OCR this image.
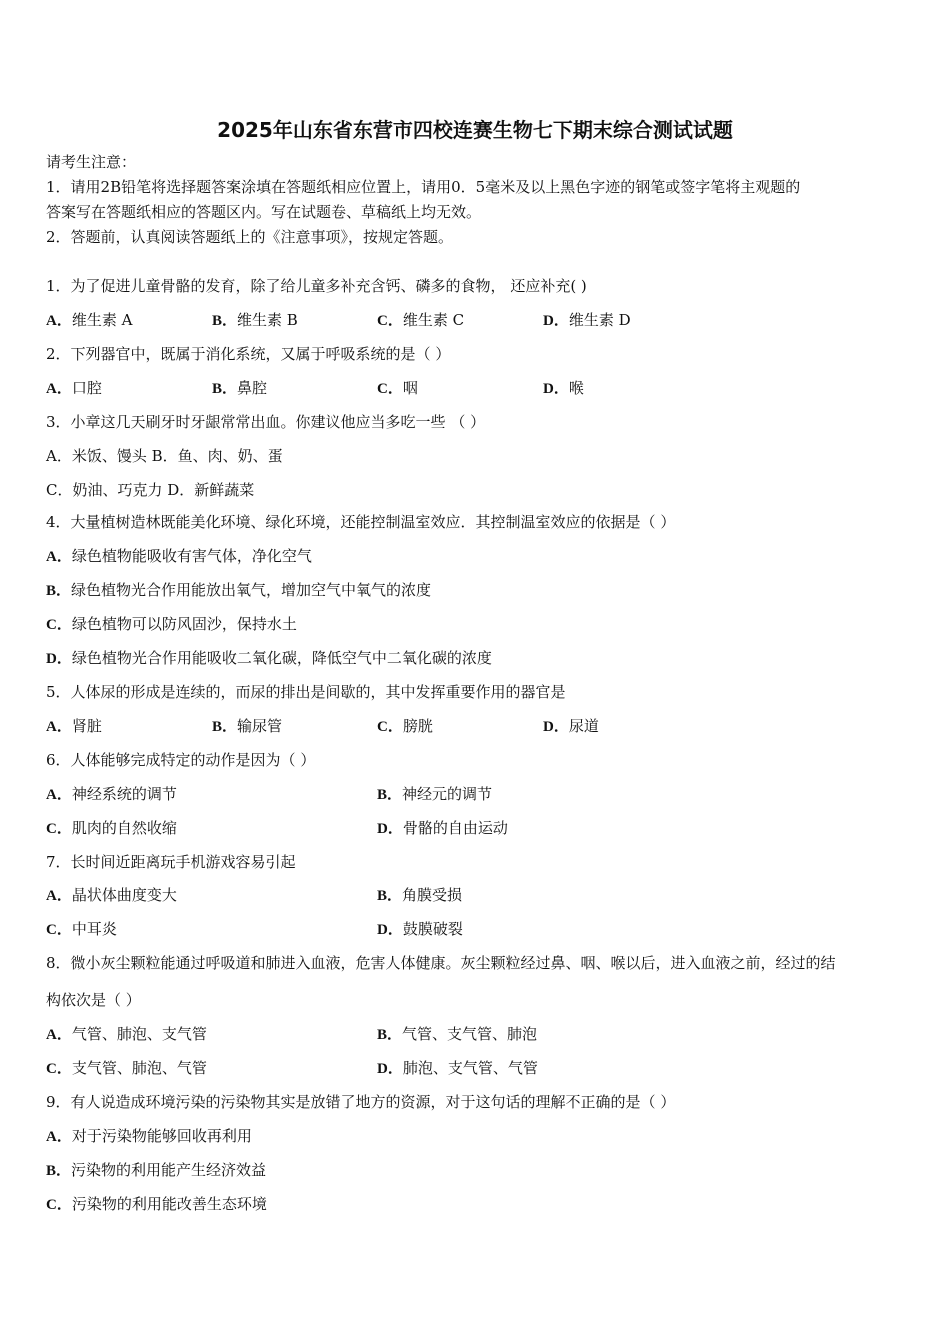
2025年山东省东营市四校连赛生物七下期末综合测试试题
请考生注意：
1．请用2B铅笔将选择题答案涂填在答题纸相应位置上，请用0．5毫米及以上黑色字迹的钢笔或签字笔将主观题的
答案写在答题纸相应的答题区内。写在试题卷、草稿纸上均无效。
2．答题前，认真阅读答题纸上的《注意事项》，按规定答题。
1．为了促进儿童骨骼的发育，除了给儿童多补充含钙、磷多的食物， 还应补充( )
A．维生素 A	B．维生素 B	C．维生素 C	D．维生素 D
2．下列器官中，既属于消化系统，又属于呼吸系统的是（ ）
A．口腔	B．鼻腔	C．咽	D．喉
3．小章这几天刷牙时牙龈常常出血。你建议他应当多吃一些 （ ）
A．米饭、馒头 B．鱼、肉、奶、蛋
C．奶油、巧克力 D．新鲜蔬菜
4．大量植树造林既能美化环境、绿化环境，还能控制温室效应．其控制温室效应的依据是（ ）
A．绿色植物能吸收有害气体，净化空气
B．绿色植物光合作用能放出氧气，增加空气中氧气的浓度
C．绿色植物可以防风固沙，保持水土
D．绿色植物光合作用能吸收二氧化碳，降低空气中二氧化碳的浓度
5．人体尿的形成是连续的，而尿的排出是间歇的，其中发挥重要作用的器官是
A．肾脏	B．输尿管	C．膀胱	D．尿道
6．人体能够完成特定的动作是因为（ ）
A．神经系统的调节	B．神经元的调节
C．肌肉的自然收缩	D．骨骼的自由运动
7．长时间近距离玩手机游戏容易引起
A．晶状体曲度变大	B．角膜受损
C．中耳炎	D．鼓膜破裂
8．微小灰尘颗粒能通过呼吸道和肺进入血液，危害人体健康。灰尘颗粒经过鼻、咽、喉以后，进入血液之前，经过的结
构依次是（ ）
A．气管、肺泡、支气管	B．气管、支气管、肺泡
C．支气管、肺泡、气管	D．肺泡、支气管、气管
9．有人说造成环境污染的污染物其实是放错了地方的资源，对于这句话的理解不正确的是（ ）
A．对于污染物能够回收再利用
B．污染物的利用能产生经济效益
C．污染物的利用能改善生态环境
